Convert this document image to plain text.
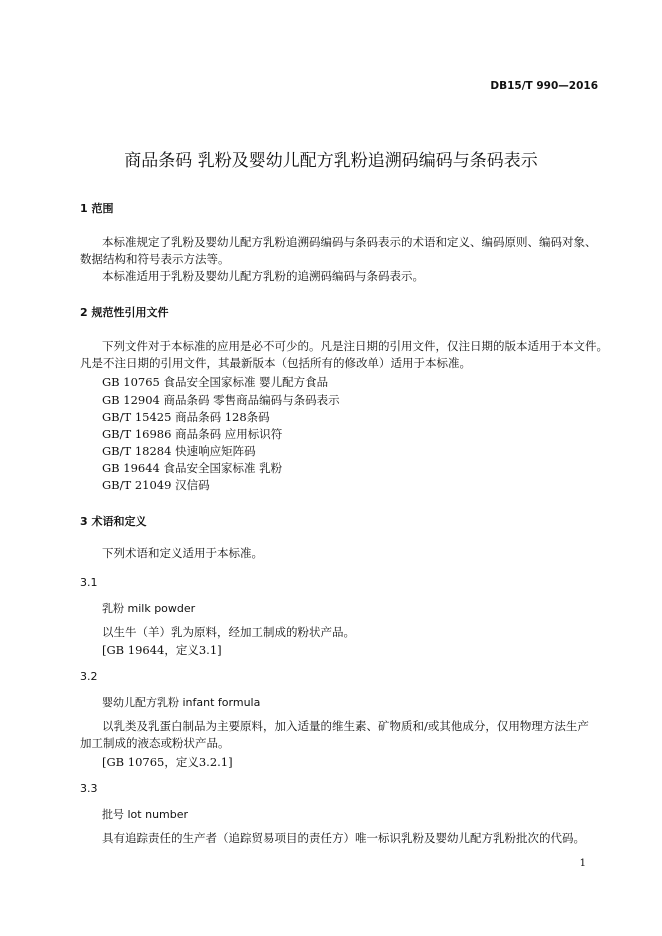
DB15/T 990—2016
商品条码 乳粉及婴幼儿配方乳粉追溯码编码与条码表示
1 范围
本标准规定了乳粉及婴幼儿配方乳粉追溯码编码与条码表示的术语和定义、编码原则、编码对象、
数据结构和符号表示方法等。
本标准适用于乳粉及婴幼儿配方乳粉的追溯码编码与条码表示。
2 规范性引用文件
下列文件对于本标准的应用是必不可少的。凡是注日期的引用文件，仅注日期的版本适用于本文件。
凡是不注日期的引用文件，其最新版本（包括所有的修改单）适用于本标准。
GB 10765 食品安全国家标准 婴儿配方食品
GB 12904 商品条码 零售商品编码与条码表示
GB/T 15425 商品条码 128条码
GB/T 16986 商品条码 应用标识符
GB/T 18284 快速响应矩阵码
GB 19644 食品安全国家标准 乳粉
GB/T 21049 汉信码
3 术语和定义
下列术语和定义适用于本标准。
3.1
乳粉 milk powder
以生牛（羊）乳为原料，经加工制成的粉状产品。
[GB 19644，定义3.1]
3.2
婴幼儿配方乳粉 infant formula
以乳类及乳蛋白制品为主要原料，加入适量的维生素、矿物质和/或其他成分，仅用物理方法生产
加工制成的液态或粉状产品。
[GB 10765，定义3.2.1]
3.3
批号 lot number
具有追踪责任的生产者（追踪贸易项目的责任方）唯一标识乳粉及婴幼儿配方乳粉批次的代码。
1
